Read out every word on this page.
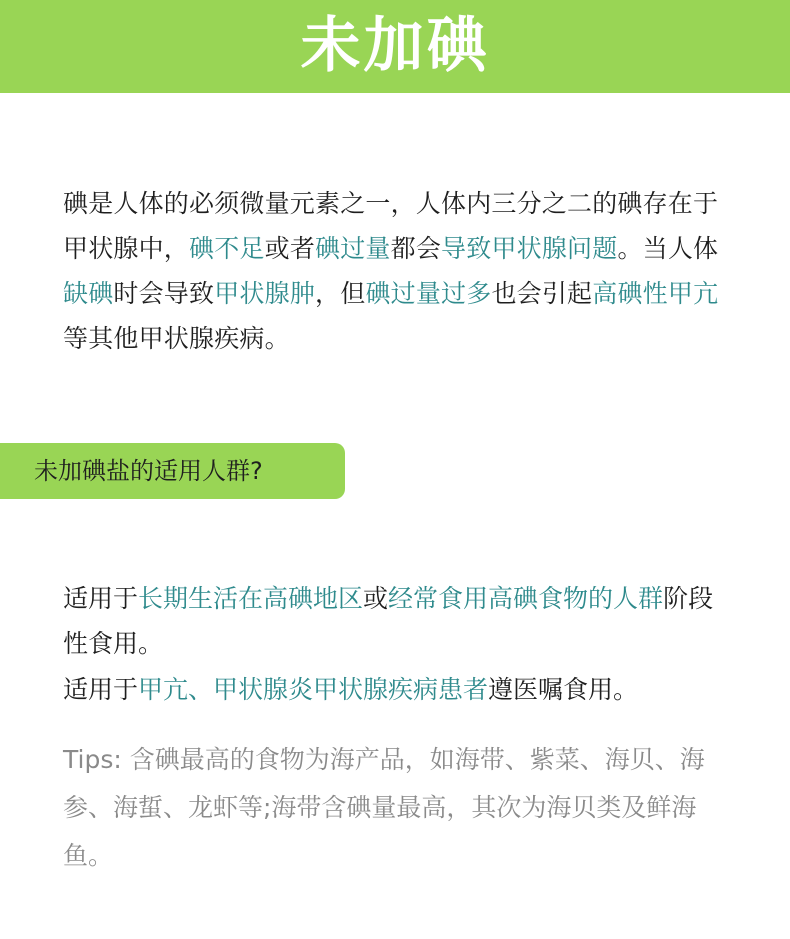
未加碘
碘是人体的必须微量元素之一，人体内三分之二的碘存在于甲状腺中，碘不足或者碘过量都会导致甲状腺问题。当人体缺碘时会导致甲状腺肿，但碘过量过多也会引起高碘性甲亢等其他甲状腺疾病。
未加碘盐的适用人群?
适用于长期生活在高碘地区或经常食用高碘食物的人群阶段性食用。
适用于甲亢、甲状腺炎甲状腺疾病患者遵医嘱食用。
Tips: 含碘最高的食物为海产品，如海带、紫菜、海贝、海参、海蜇、龙虾等;海带含碘量最高，其次为海贝类及鲜海鱼。
